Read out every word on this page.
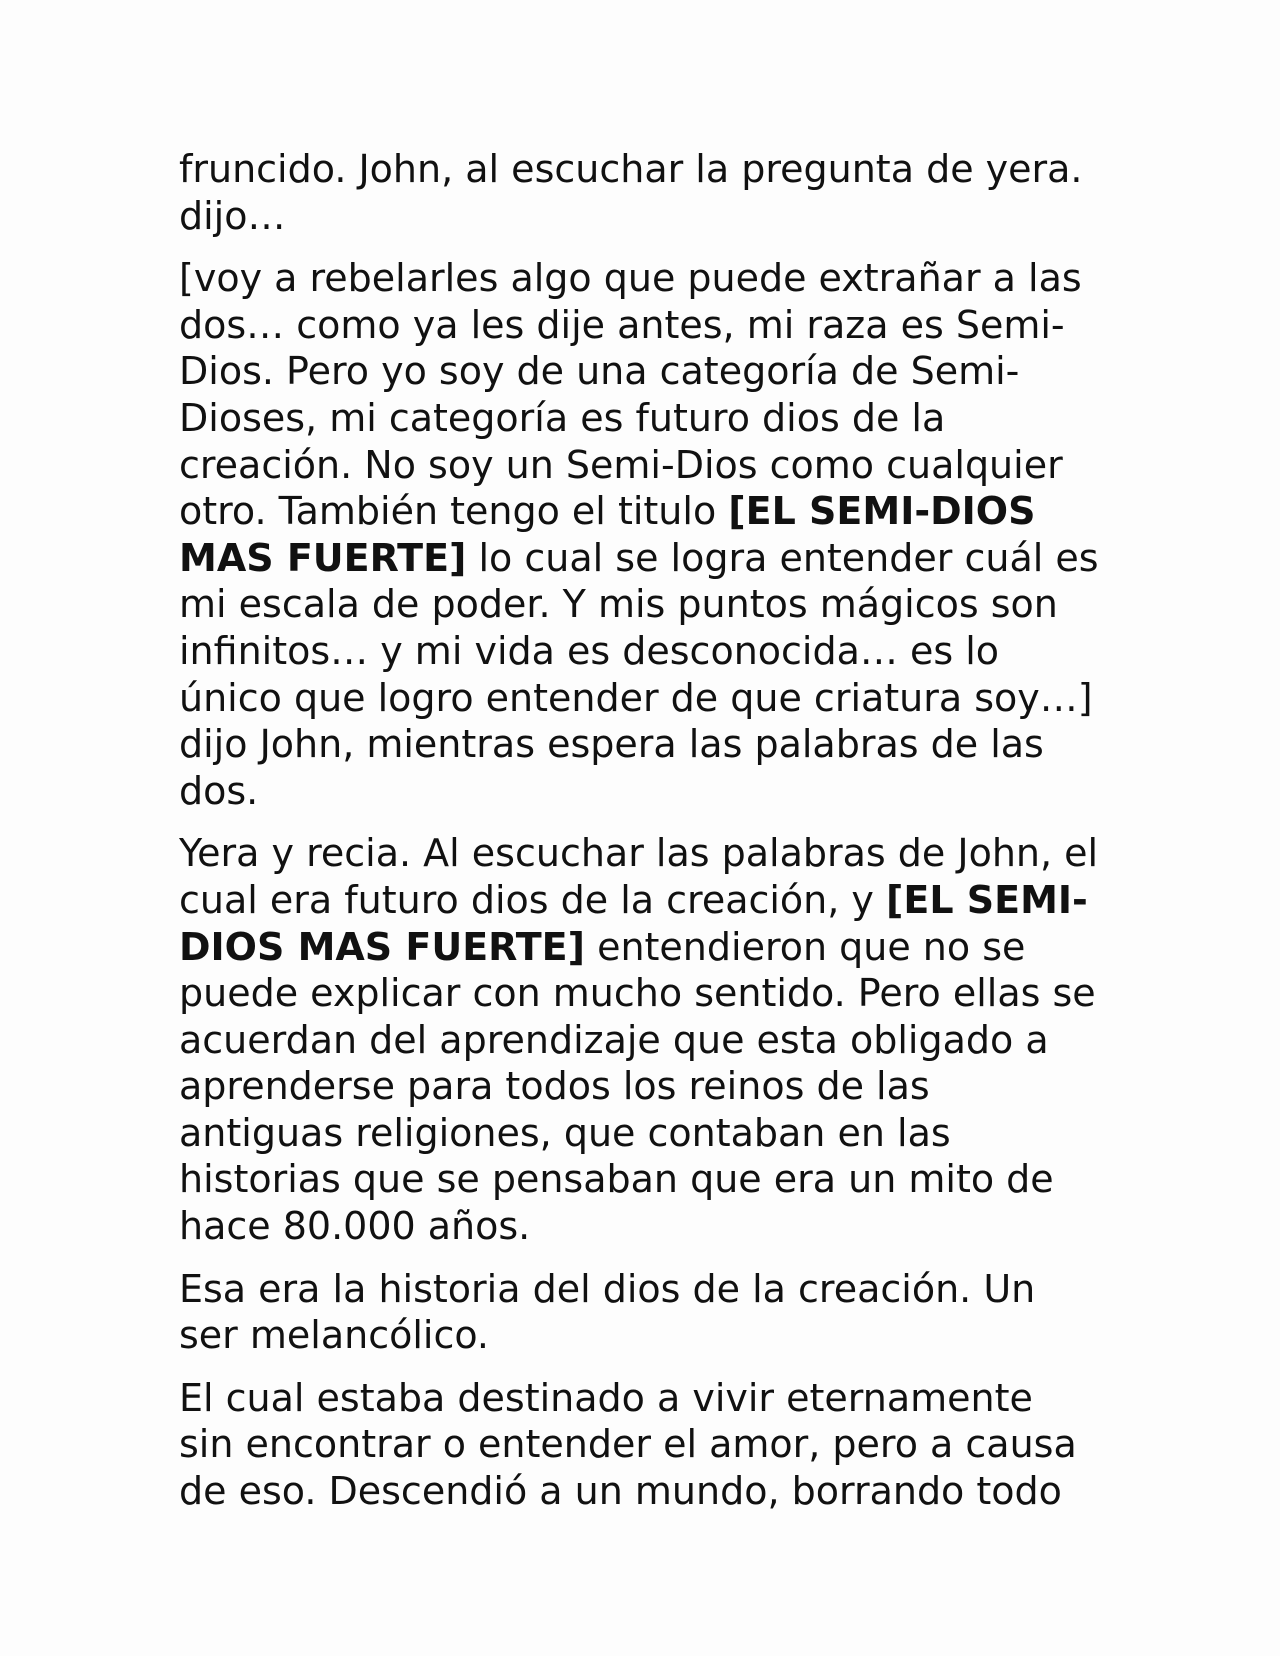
fruncido. John, al escuchar la pregunta de yera. dijo…

[voy a rebelarles algo que puede extrañar a las dos… como ya les dije antes, mi raza es Semi-Dios. Pero yo soy de una categoría de Semi-Dioses, mi categoría es futuro dios de la creación. No soy un Semi-Dios como cualquier otro. También tengo el titulo [EL SEMI-DIOS MAS FUERTE] lo cual se logra entender cuál es mi escala de poder. Y mis puntos mágicos son infinitos… y mi vida es desconocida… es lo único que logro entender de que criatura soy…] dijo John, mientras espera las palabras de las dos.

Yera y recia. Al escuchar las palabras de John, el cual era futuro dios de la creación, y [EL SEMI-DIOS MAS FUERTE] entendieron que no se puede explicar con mucho sentido. Pero ellas se acuerdan del aprendizaje que esta obligado a aprenderse para todos los reinos de las antiguas religiones, que contaban en las historias que se pensaban que era un mito de hace 80.000 años.

Esa era la historia del dios de la creación. Un ser melancólico.

El cual estaba destinado a vivir eternamente sin encontrar o entender el amor, pero a causa de eso. Descendió a un mundo, borrando todo
